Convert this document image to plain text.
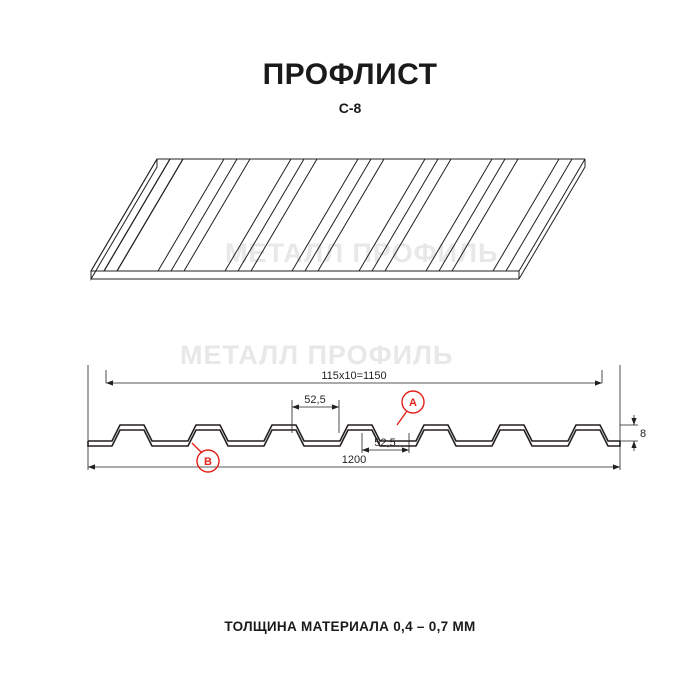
ПРОФЛИСТ
С-8
МЕТАЛЛ ПРОФИЛЬ
МЕТАЛЛ ПРОФИЛЬ
A
B
115х10=1150
1200
52,5
52,5
8
ТОЛЩИНА МАТЕРИАЛА 0,4 – 0,7 ММ
